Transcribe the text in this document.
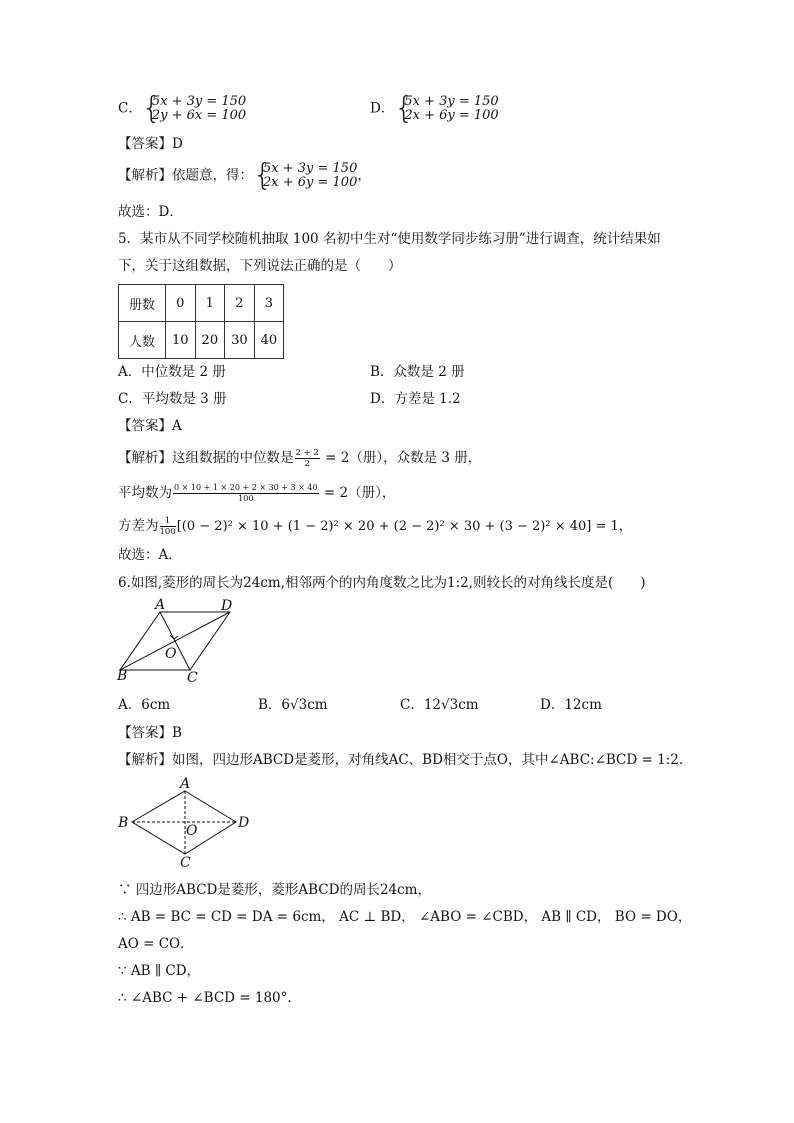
C． {
5x + 3y = 150
2y + 6x = 100	D． {
5x + 3y = 150
2x + 6y = 100
【答案】D
【解析】依题意，得： {
5x + 3y = 150
2x + 6y = 100 ，
故选：D．
5．某市从不同学校随机抽取 100 名初中生对“使用数学同步练习册”进行调查，统计结果如
下，关于这组数据，下列说法正确的是（　　）
册数	0	1	2	3
人数	10	20	30	40
A．中位数是 2 册	B．众数是 2 册
C．平均数是 3 册	D．方差是 1.2
【答案】A
【解析】这组数据的中位数是 $\frac{2 + 2}{2} = 2$（册），众数是 3 册，
平均数为 $\frac{0 \times 10 + 1 \times 20 + 2 \times 30 + 3 \times 40}{100} = 2$（册），
方差为 $\frac{1}{100} [(0 - 2)^2 \times 10 + (1 - 2)^2 \times 20 + (2 - 2)^2 \times 30 + (3 - 2)^2 \times 40] = 1$，
故选：A．
6.如图,菱形的周长为24cm,相邻两个的内角度数之比为1:2,则较长的对角线长度是(　　)
A	D
O
B	C
A．6cm	B．6√3cm	C．12√3cm	D．12cm
【答案】B
【解析】如图，四边形ABCD是菱形，对角线AC、BD相交于点O，其中∠ABC:∠BCD = 1:2.
A
B	D
O
C
∵ 四边形ABCD是菱形，菱形ABCD的周长24cm，
∴ AB = BC = CD = DA = 6cm， AC ⊥ BD， ∠ABO = ∠CBD， AB ∥ CD， BO = DO，
AO = CO．
∵ AB ∥ CD，
∴ ∠ABC + ∠BCD = 180°.
